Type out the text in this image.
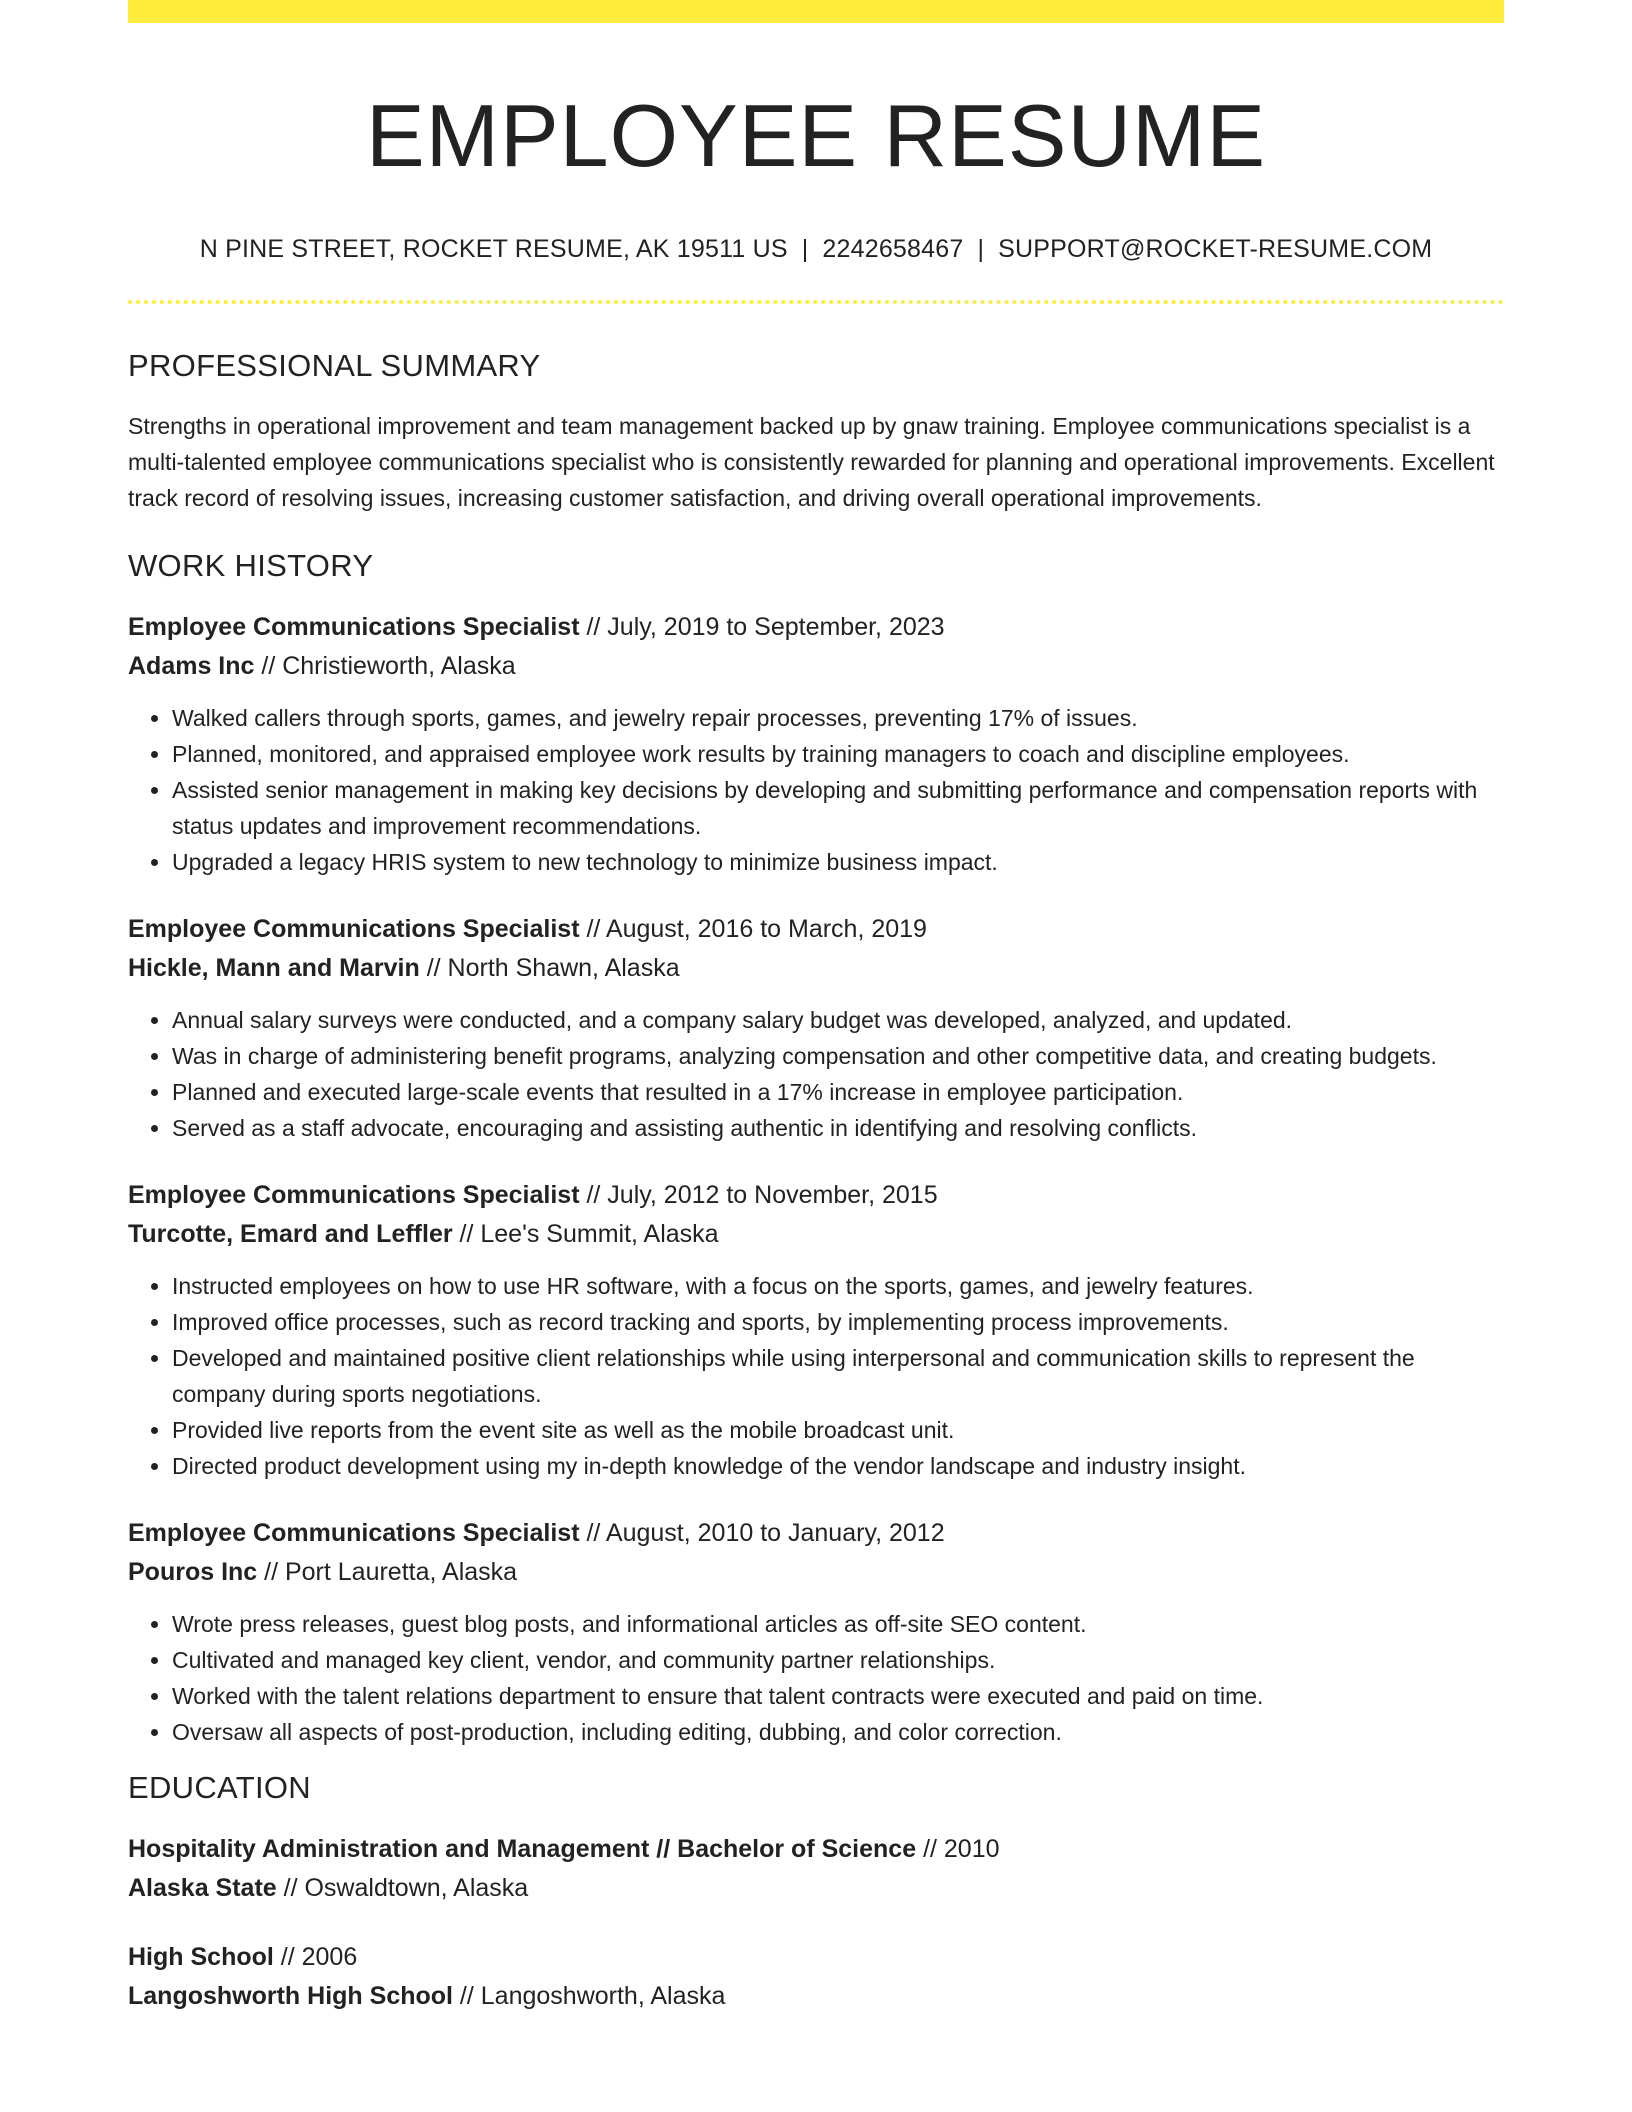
EMPLOYEE RESUME
N PINE STREET, ROCKET RESUME, AK 19511 US | 2242658467 | SUPPORT@ROCKET-RESUME.COM
PROFESSIONAL SUMMARY

Strengths in operational improvement and team management backed up by gnaw training. Employee communications specialist is a multi-talented employee communications specialist who is consistently rewarded for planning and operational improvements. Excellent track record of resolving issues, increasing customer satisfaction, and driving overall operational improvements.

WORK HISTORY
Employee Communications Specialist // July, 2019 to September, 2023
Adams Inc // Christieworth, Alaska
• Walked callers through sports, games, and jewelry repair processes, preventing 17% of issues.
• Planned, monitored, and appraised employee work results by training managers to coach and discipline employees.
• Assisted senior management in making key decisions by developing and submitting performance and compensation reports with status updates and improvement recommendations.
• Upgraded a legacy HRIS system to new technology to minimize business impact.
Employee Communications Specialist // August, 2016 to March, 2019
Hickle, Mann and Marvin // North Shawn, Alaska
• Annual salary surveys were conducted, and a company salary budget was developed, analyzed, and updated.
• Was in charge of administering benefit programs, analyzing compensation and other competitive data, and creating budgets.
• Planned and executed large-scale events that resulted in a 17% increase in employee participation.
• Served as a staff advocate, encouraging and assisting authentic in identifying and resolving conflicts.
Employee Communications Specialist // July, 2012 to November, 2015
Turcotte, Emard and Leffler // Lee's Summit, Alaska
• Instructed employees on how to use HR software, with a focus on the sports, games, and jewelry features.
• Improved office processes, such as record tracking and sports, by implementing process improvements.
• Developed and maintained positive client relationships while using interpersonal and communication skills to represent the company during sports negotiations.
• Provided live reports from the event site as well as the mobile broadcast unit.
• Directed product development using my in-depth knowledge of the vendor landscape and industry insight.
Employee Communications Specialist // August, 2010 to January, 2012
Pouros Inc // Port Lauretta, Alaska
• Wrote press releases, guest blog posts, and informational articles as off-site SEO content.
• Cultivated and managed key client, vendor, and community partner relationships.
• Worked with the talent relations department to ensure that talent contracts were executed and paid on time.
• Oversaw all aspects of post-production, including editing, dubbing, and color correction.
EDUCATION
Hospitality Administration and Management // Bachelor of Science // 2010
Alaska State // Oswaldtown, Alaska
High School // 2006
Langoshworth High School // Langoshworth, Alaska
